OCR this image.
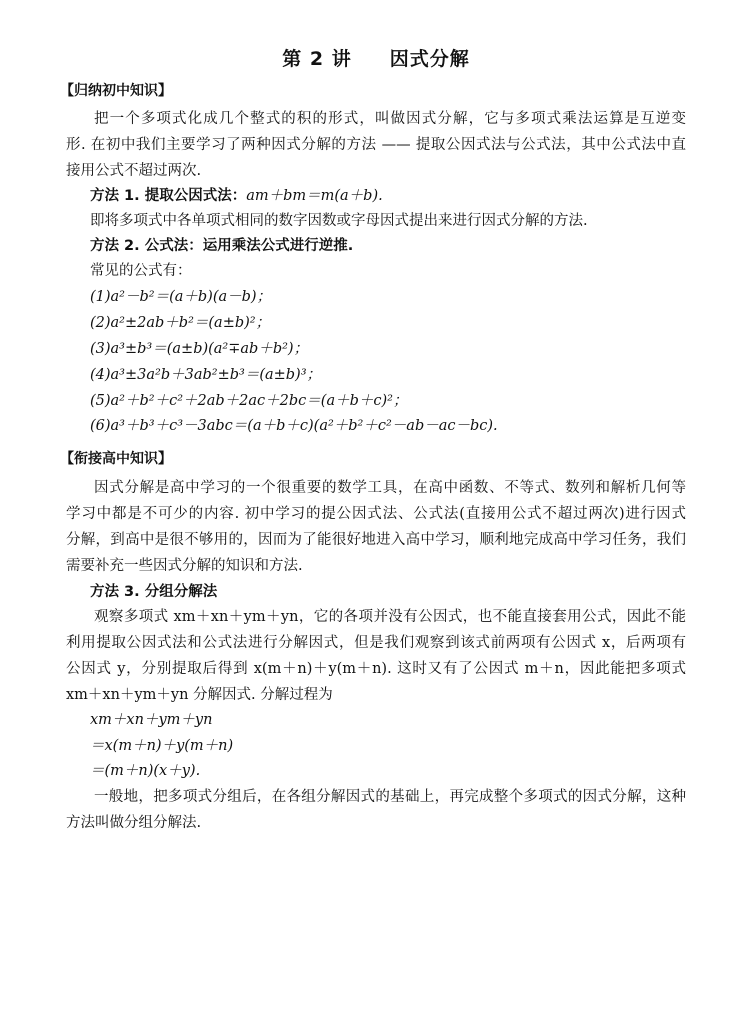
第 2 讲 因式分解
【归纳初中知识】
把一个多项式化成几个整式的积的形式，叫做因式分解，它与多项式乘法运算是互逆变
形. 在初中我们主要学习了两种因式分解的方法 —— 提取公因式法与公式法，其中公式法中直
接用公式不超过两次.
方法 1. 提取公因式法：am＋bm＝m(a＋b).
即将多项式中各单项式相同的数字因数或字母因式提出来进行因式分解的方法.
方法 2. 公式法：运用乘法公式进行逆推.
常见的公式有：
(1)a²－b²＝(a＋b)(a－b)；
(2)a²±2ab＋b²＝(a±b)²；
(3)a³±b³＝(a±b)(a²∓ab＋b²)；
(4)a³±3a²b＋3ab²±b³＝(a±b)³；
(5)a²＋b²＋c²＋2ab＋2ac＋2bc＝(a＋b＋c)²；
(6)a³＋b³＋c³－3abc＝(a＋b＋c)(a²＋b²＋c²－ab－ac－bc).
【衔接高中知识】
因式分解是高中学习的一个很重要的数学工具，在高中函数、不等式、数列和解析几何等
学习中都是不可少的内容. 初中学习的提公因式法、公式法(直接用公式不超过两次)进行因式
分解，到高中是很不够用的，因而为了能很好地进入高中学习，顺利地完成高中学习任务，我们
需要补充一些因式分解的知识和方法.
方法 3. 分组分解法
观察多项式 xm＋xn＋ym＋yn，它的各项并没有公因式，也不能直接套用公式，因此不能
利用提取公因式法和公式法进行分解因式，但是我们观察到该式前两项有公因式 x，后两项有
公因式 y，分别提取后得到 x(m＋n)＋y(m＋n). 这时又有了公因式 m＋n，因此能把多项式
xm＋xn＋ym＋yn 分解因式. 分解过程为
xm＋xn＋ym＋yn
＝x(m＋n)＋y(m＋n)
＝(m＋n)(x＋y).
一般地，把多项式分组后，在各组分解因式的基础上，再完成整个多项式的因式分解，这种
方法叫做分组分解法.
